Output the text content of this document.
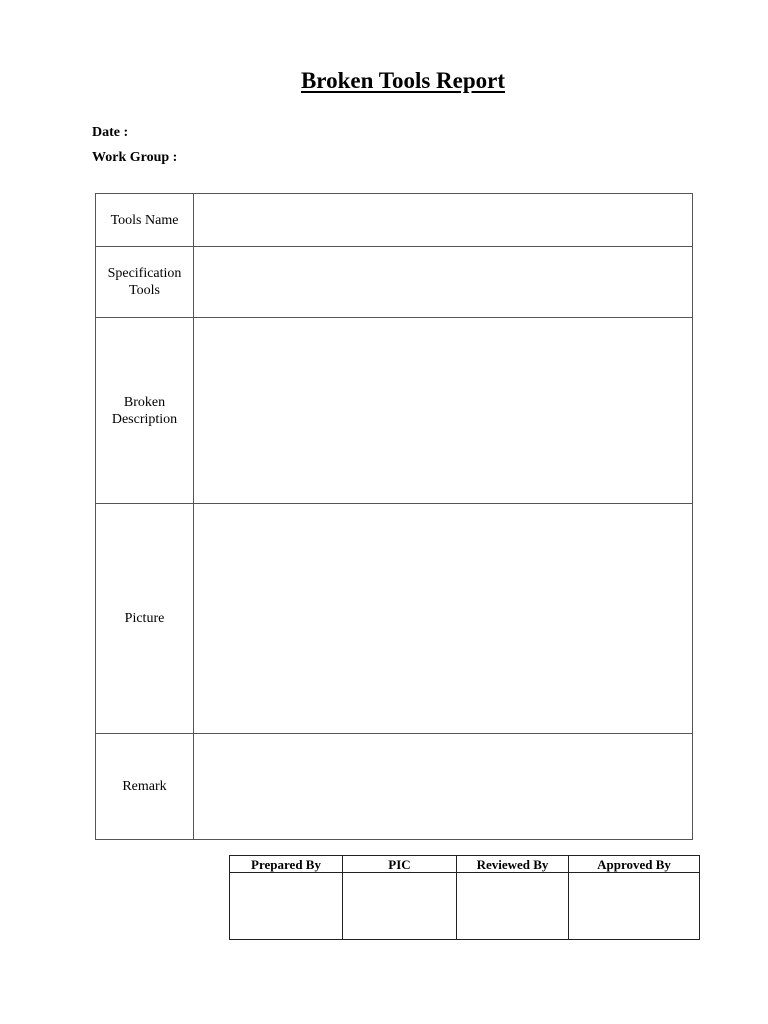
Broken Tools Report
Date :
Work Group :
Tools Name	

Specification
Tools	

Broken
Description	

Picture	

Remark	

Prepared By	PIC	Reviewed By	Approved By
